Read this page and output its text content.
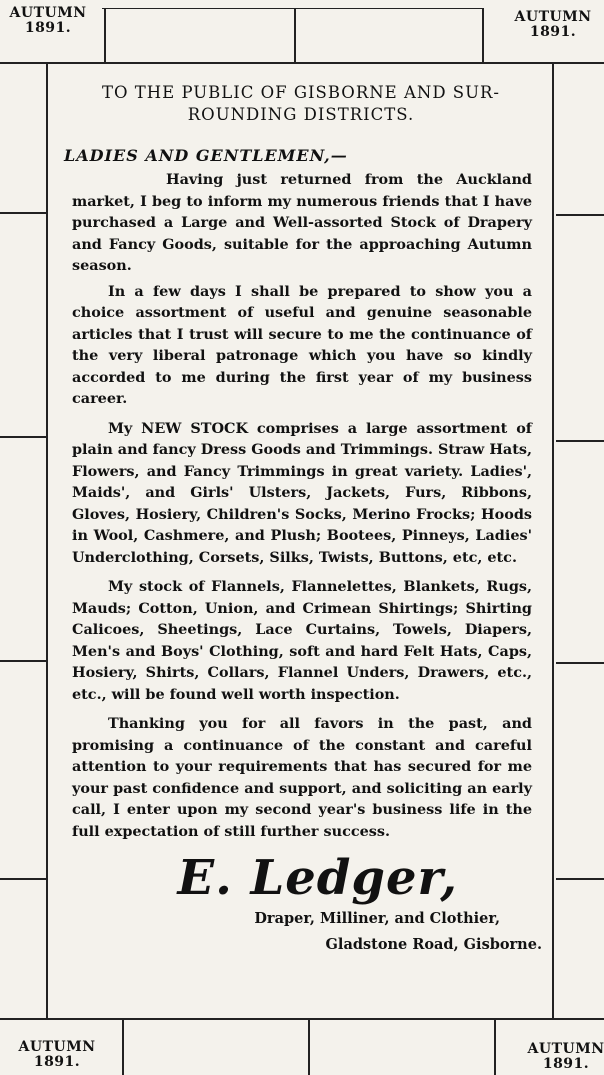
AUTUMN
1891.
AUTUMN
1891.
AUTUMN
1891.
AUTUMN
1891.
TO THE PUBLIC OF GISBORNE AND SUR-
ROUNDING DISTRICTS.
LADIES AND GENTLEMEN,—

Having just returned from the Auckland market, I beg to inform my numerous friends that I have purchased a Large and Well-assorted Stock of Drapery and Fancy Goods, suitable for the approaching Autumn season.

In a few days I shall be prepared to show you a choice assortment of useful and genuine seasonable articles that I trust will secure to me the continuance of the very liberal patronage which you have so kindly accorded to me during the first year of my business career.

My NEW STOCK comprises a large assortment of plain and fancy Dress Goods and Trimmings. Straw Hats, Flowers, and Fancy Trimmings in great variety. Ladies', Maids', and Girls' Ulsters, Jackets, Furs, Ribbons, Gloves, Hosiery, Children's Socks, Merino Frocks; Hoods in Wool, Cashmere, and Plush; Bootees, Pinneys, Ladies' Underclothing, Corsets, Silks, Twists, Buttons, etc, etc.

My stock of Flannels, Flannelettes, Blankets, Rugs, Mauds; Cotton, Union, and Crimean Shirtings; Shirting Calicoes, Sheetings, Lace Curtains, Towels, Diapers, Men's and Boys' Clothing, soft and hard Felt Hats, Caps, Hosiery, Shirts, Collars, Flannel Unders, Drawers, etc., etc., will be found well worth inspection.

Thanking you for all favors in the past, and promising a continuance of the constant and careful attention to your requirements that has secured for me your past confidence and support, and soliciting an early call, I enter upon my second year's business life in the full expectation of still further success.

E. Ledger,
Draper, Milliner, and Clothier,
Gladstone Road, Gisborne.
